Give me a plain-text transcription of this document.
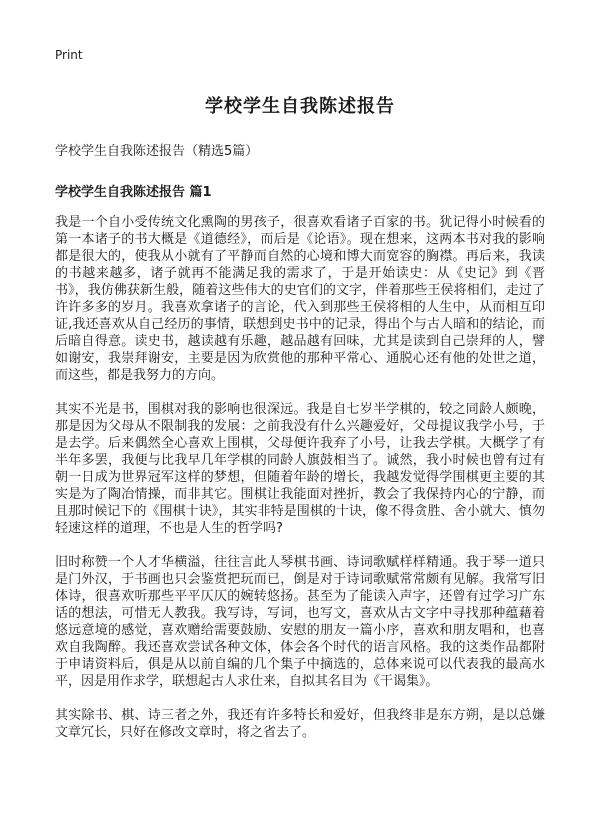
Print
学校学生自我陈述报告
学校学生自我陈述报告（精选5篇）
学校学生自我陈述报告 篇1

我是一个自小受传统文化熏陶的男孩子，很喜欢看诸子百家的书。犹记得小时候看的第一本诸子的书大概是《道德经》，而后是《论语》。现在想来，这两本书对我的影响都是很大的，使我从小就有了平静而自然的心境和博大而宽容的胸襟。再后来，我读的书越来越多，诸子就再不能满足我的需求了，于是开始读史：从《史记》到《晋书》，我仿佛获新生般，随着这些伟大的史官们的文字，伴着那些王侯将相们，走过了许许多多的岁月。我喜欢拿诸子的言论，代入到那些王侯将相的人生中，从而相互印证,我还喜欢从自己经历的事情，联想到史书中的记录，得出个与古人暗和的结论，而后暗自得意。读史书，越读越有乐趣，越品越有回味，尤其是读到自己崇拜的人，譬如谢安，我崇拜谢安，主要是因为欣赏他的那种平常心、通脱心还有他的处世之道，而这些，都是我努力的方向。

其实不光是书，围棋对我的影响也很深远。我是自七岁半学棋的，较之同龄人颇晚，那是因为父母从不限制我的发展：之前我没有什么兴趣爱好，父母提议我学小号，于是去学。后来偶然全心喜欢上围棋，父母便许我弃了小号，让我去学棋。大概学了有半年多罢，我便与比我早几年学棋的同龄人旗鼓相当了。诚然，我小时候也曾有过有朝一日成为世界冠军这样的梦想，但随着年龄的增长，我越发觉得学围棋更主要的其实是为了陶冶情操，而非其它。围棋让我能面对挫折，教会了我保持内心的宁静，而且那时候记下的《围棋十诀》，其实非特是围棋的十诀，像不得贪胜、舍小就大、慎勿轻速这样的道理，不也是人生的哲学吗?

旧时称赞一个人才华横溢，往往言此人琴棋书画、诗词歌赋样样精通。我于琴一道只是门外汉，于书画也只会鉴赏把玩而已，倒是对于诗词歌赋常常颇有见解。我常写旧体诗，很喜欢听那些平平仄仄的婉转悠扬。甚至为了能读入声字，还曾有过学习广东话的想法，可惜无人教我。我写诗，写词，也写文，喜欢从古文字中寻找那种蕴藉着悠远意境的感觉，喜欢赠给需要鼓励、安慰的朋友一篇小序，喜欢和朋友唱和，也喜欢自我陶醉。我还喜欢尝试各种文体，体会各个时代的语言风格。我的这类作品都附于申请资料后，俱是从以前自编的几个集子中摘选的，总体来说可以代表我的最高水平，因是用作求学，联想起古人求仕来，自拟其名目为《干谒集》。

其实除书、棋、诗三者之外，我还有许多特长和爱好，但我终非是东方朔，是以总嫌文章冗长，只好在修改文章时，将之省去了。
